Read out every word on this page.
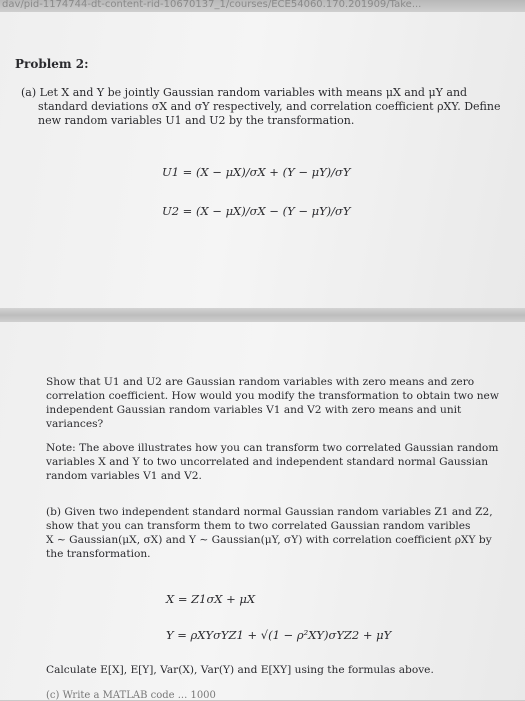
dav/pid-1174744-dt-content-rid-10670137_1/courses/ECE54060.170.201909/Take...
Problem 2:
(a) Let X and Y be jointly Gaussian random variables with means μX and μY and
standard deviations σX and σY respectively, and correlation coefficient ρXY. Define
new random variables U1 and U2 by the transformation.
U1 = (X − μX)/σX + (Y − μY)/σY
U2 = (X − μX)/σX − (Y − μY)/σY
Show that U1 and U2 are Gaussian random variables with zero means and zero
correlation coefficient. How would you modify the transformation to obtain two new
independent Gaussian random variables V1 and V2 with zero means and unit
variances?
Note: The above illustrates how you can transform two correlated Gaussian random
variables X and Y to two uncorrelated and independent standard normal Gaussian
random variables V1 and V2.
(b) Given two independent standard normal Gaussian random variables Z1 and Z2,
show that you can transform them to two correlated Gaussian random varibles
X ∼ Gaussian(μX, σX) and Y ∼ Gaussian(μY, σY) with correlation coefficient ρXY by
the transformation.
X = Z1σX + μX
Y = ρXYσYZ1 + √(1 − ρ²XY)σYZ2 + μY
Calculate E[X], E[Y], Var(X), Var(Y) and E[XY] using the formulas above.
(c) Write a MATLAB code ... 1000
